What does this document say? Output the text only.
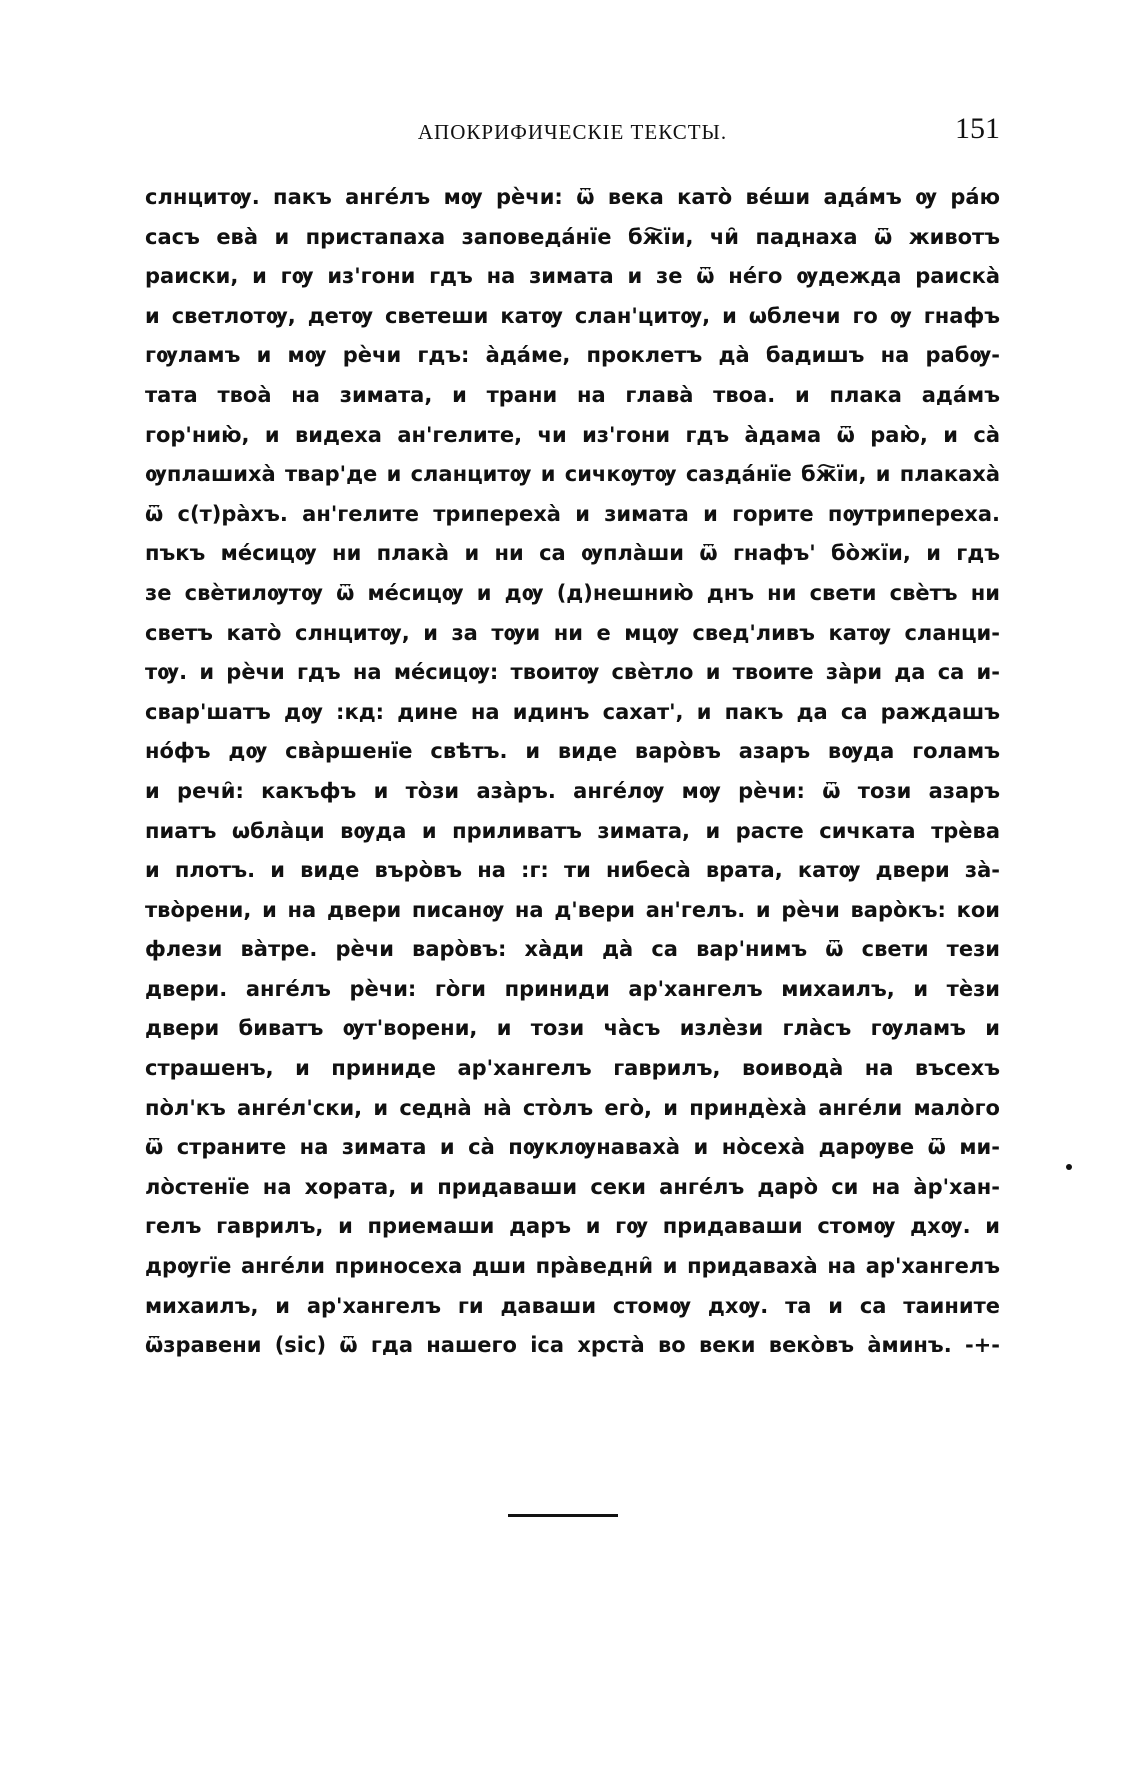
АПОКРИФИЧЕСКІЕ ТЕКСТЫ.	151
слнцитѹ. пакъ анге́лъ мѹ рѐчи: ѿ века като̀ ве́ши ада́мъ ѹ ра́ю
сасъ ева̀ и пристапаха заповеда́нїе бж҇їи, чи̑ паднаха ѿ животъ
раиски, и гѹ из'гони гдъ на зимата и зе ѿ не́го ѹдежда раиска̀
и светлотѹ, детѹ светеши катѹ слан'цитѹ, и ѡблечи го ѹ гнафъ
гѹламъ и мѹ рѐчи гдъ: а̀да́ме, проклетъ да̀ бадишъ на рабѹ-
тата твоа̀ на зимата, и трани на глава̀ твоа. и плака ада́мъ
гор'нию̀, и видеха ан'гелите, чи из'гони гдъ а̀дама ѿ раю̀, и са̀
ѹплашиха̀ твар'де и сланцитѹ и сичкѹтѹ сазда́нїе бж҇їи, и плакаха̀
ѿ с(т)ра̀хъ. ан'гелите трипереха̀ и зимата и горите пѹтрипереха.
пъкъ ме́сицѹ ни плака̀ и ни са ѹпла̀ши ѿ гнафъ' бо̀жїи, и гдъ
зе свѐтилѹтѹ ѿ ме́сицѹ и дѹ (д)нешнию̀ днъ ни свети свѐтъ ни
светъ като̀ слнцитѹ, и за тѹи ни е мцѹ свед'ливъ катѹ сланци-
тѹ. и рѐчи гдъ на ме́сицѹ: твоитѹ свѐтло и твоите за̀ри да са и-
свар'шатъ дѹ :кд: дине на идинъ сахат', и пакъ да са раждашъ
но́фъ дѹ сва̀ршенїе свѣтъ. и виде варо̀въ азаръ вѹда голамъ
и речи̑: какъфъ и то̀зи аза̀ръ. анге́лѹ мѹ рѐчи: ѿ този азаръ
пиатъ ѡбла̀ци вѹда и приливатъ зимата, и расте сичката трѐва
и плотъ. и виде въро̀въ на :г: ти нибеса̀ врата, катѹ двери за̀-
тво̀рени, и на двери писанѹ на д'вери ан'гелъ. и рѐчи варо̀къ: кои
флези ва̀тре. рѐчи варо̀въ: ха̀ди да̀ са вар'нимъ ѿ свети тези
двери. анге́лъ рѐчи: го̀ги приниди ар'хангелъ михаилъ, и тѐзи
двери биватъ ѹт'ворени, и този ча̀съ излѐзи гла̀съ гѹламъ и
страшенъ, и приниде ар'хангелъ гаврилъ, воивода̀ на въсехъ
по̀л'къ анге́л'ски, и седна̀ на̀ сто̀лъ его̀, и приндѐха̀ анге́ли мало̀го
ѿ страните на зимата и са̀ пѹклѹнаваха̀ и но̀сеха̀ дарѹве ѿ ми-
ло̀стенїе на хората, и придаваши секи анге́лъ даро̀ си на а̀р'хан-
гелъ гаврилъ, и приемаши даръ и гѹ придаваши стомѹ дхѹ. и
дрѹгїе анге́ли приносеха дши пра̀ведни̑ и придаваха̀ на ар'хангелъ
михаилъ, и ар'хангелъ ги даваши стомѹ дхѹ. та и са таините
ѿзравени (sic) ѿ гда нашего іса хрста̀ во веки веко̀въ а̀минъ. -+-
